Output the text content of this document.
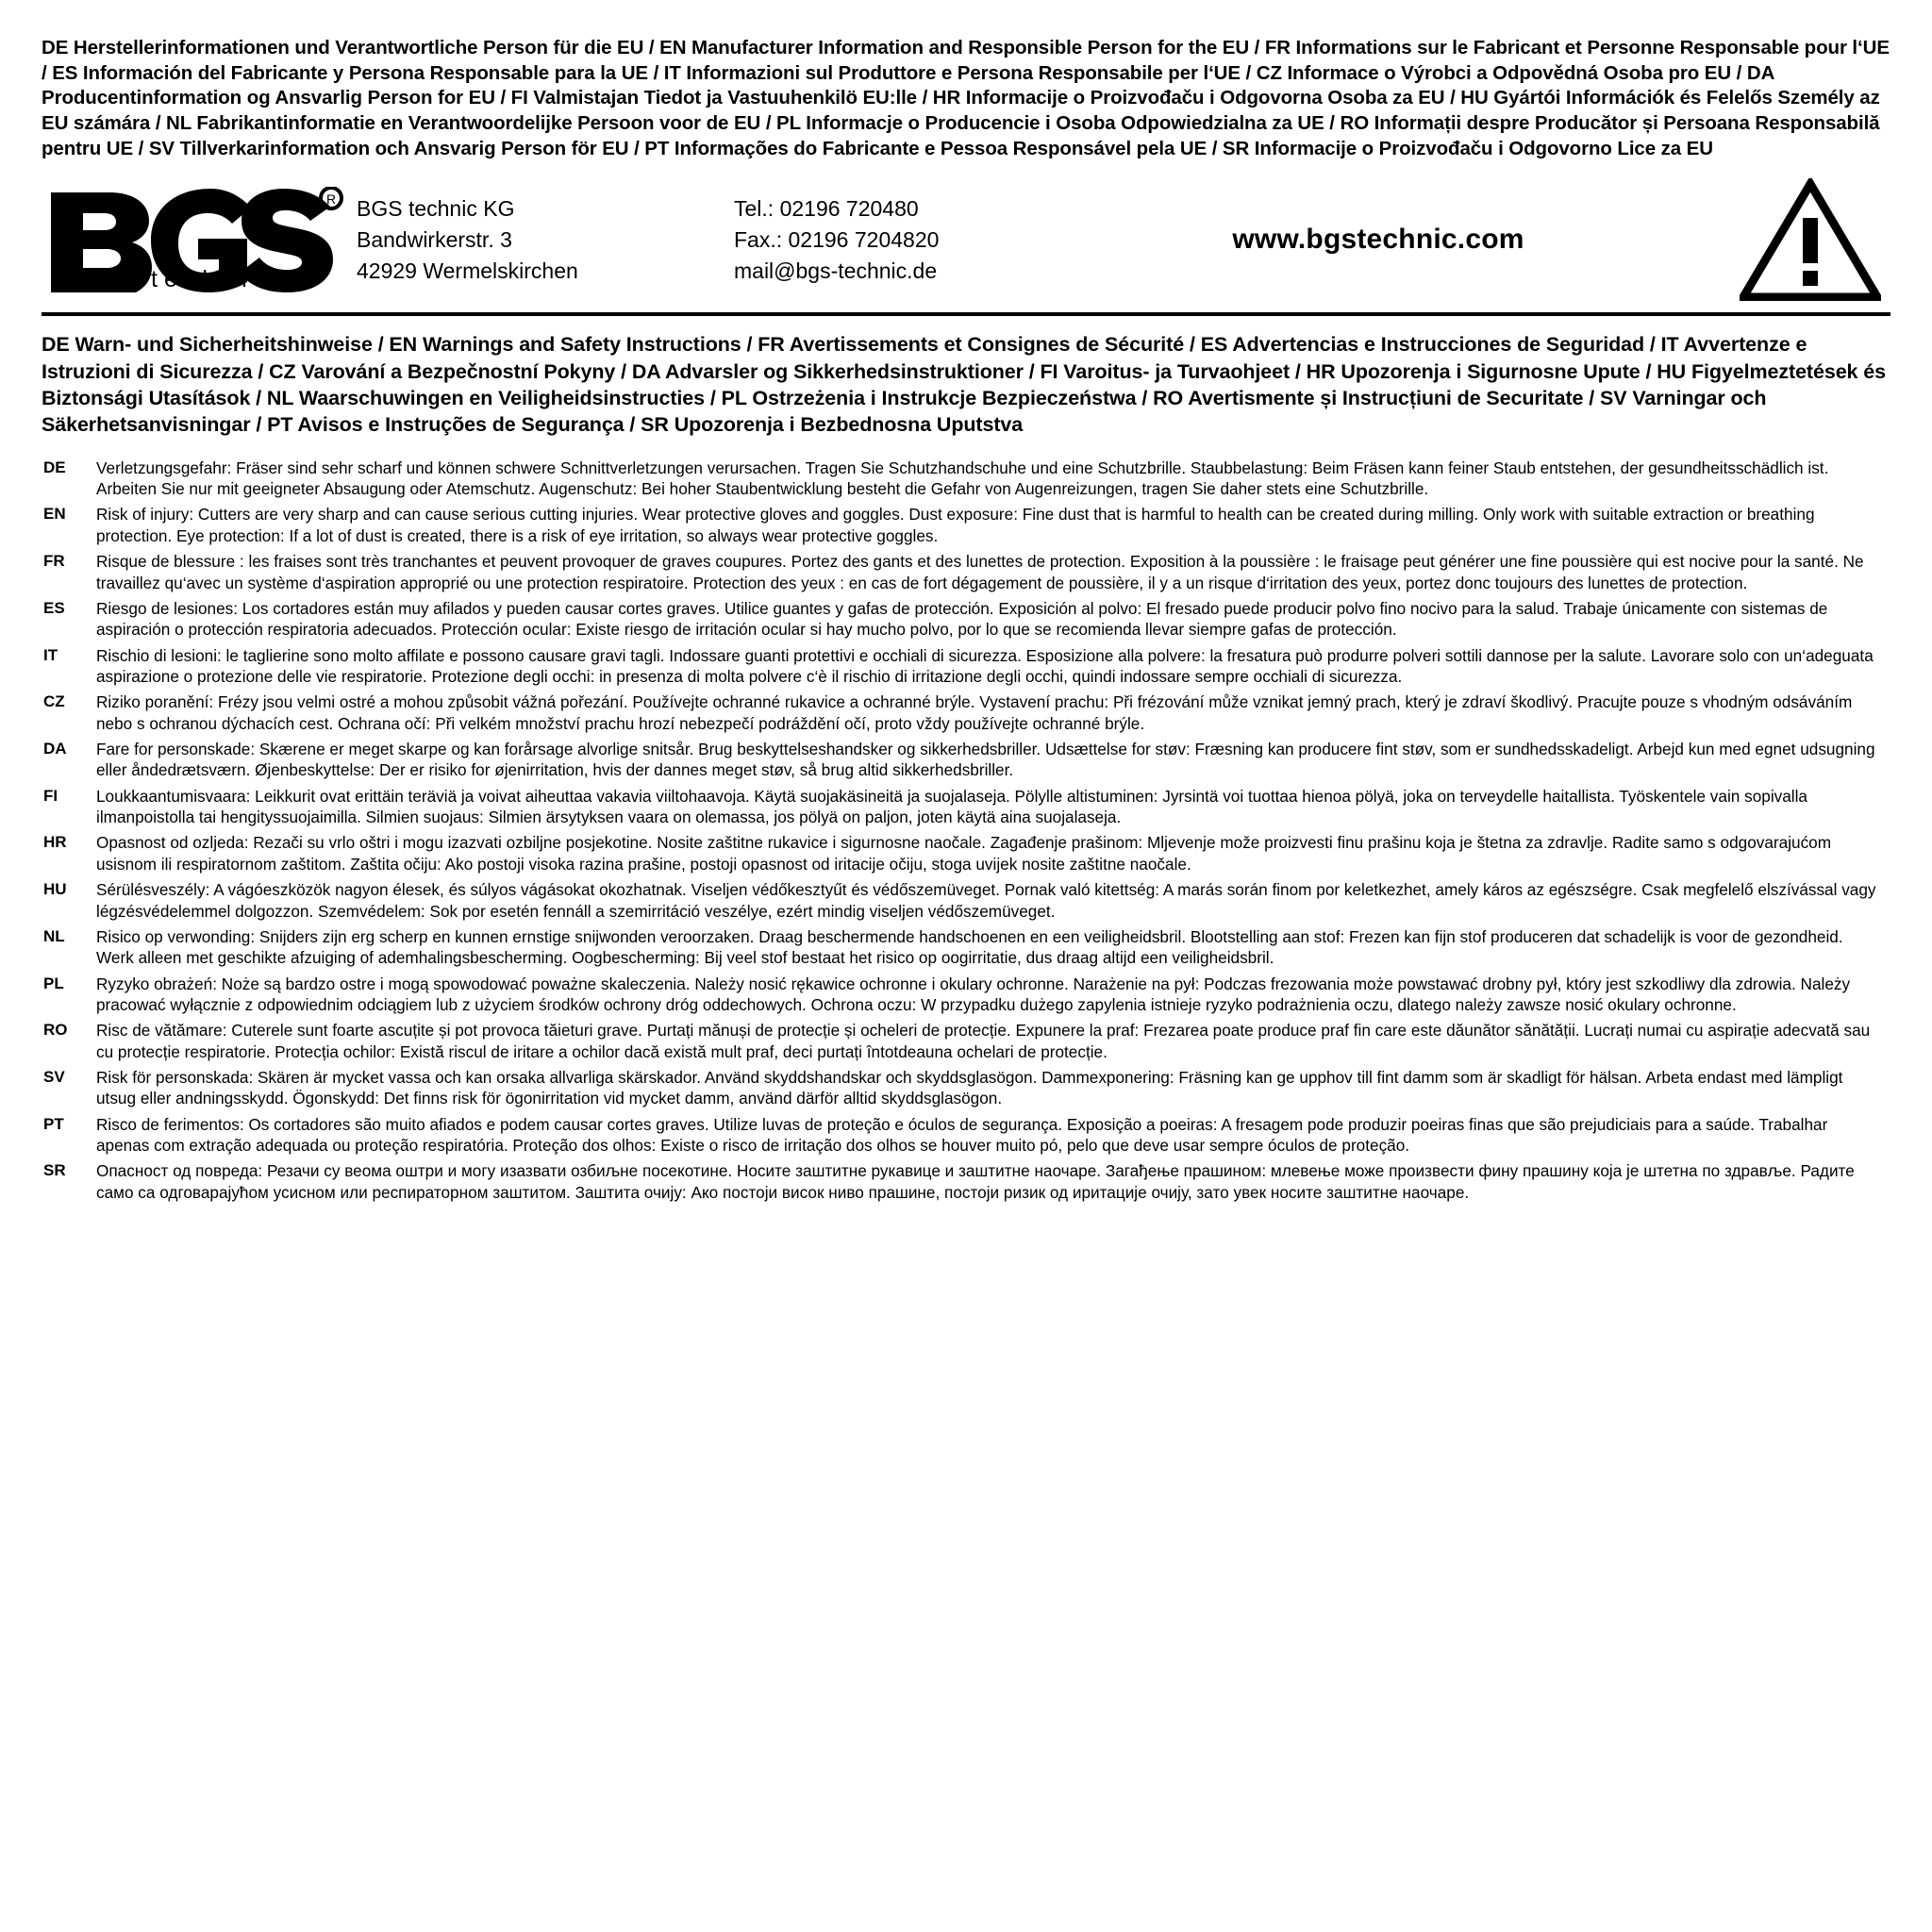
DE Herstellerinformationen und Verantwortliche Person für die EU / EN Manufacturer Information and Responsible Person for the EU / FR Informations sur le Fabricant et Personne Responsable pour l‘UE / ES Información del Fabricante y Persona Responsable para la UE / IT Informazioni sul Produttore e Persona Responsabile per l‘UE / CZ Informace o Výrobci a Odpovědná Osoba pro EU / DA Producentinformation og Ansvarlig Person for EU / FI Valmistajan Tiedot ja Vastuuhenkilö EU:lle / HR Informacije o Proizvođaču i Odgovorna Osoba za EU / HU Gyártói Információk és Felelős Személy az EU számára / NL Fabrikantinformatie en Verantwoordelijke Persoon voor de EU / PL Informacje o Producencie i Osoba Odpowiedzialna za UE / RO Informații despre Producător și Persoana Responsabilă pentru UE / SV Tillverkarinformation och Ansvarig Person för EU / PT Informações do Fabricante e Pessoa Responsável pela UE / SR Informacije o Proizvođaču i Odgovorno Lice za EU
R
technic
BGS technic KG
Bandwirkerstr. 3
42929 Wermelskirchen
Tel.: 02196 720480
Fax.: 02196 7204820
mail@bgs-technic.de
www.bgstechnic.com
DE Warn- und Sicherheitshinweise / EN Warnings and Safety Instructions / FR Avertissements et Consignes de Sécurité / ES Advertencias e Instrucciones de Seguridad / IT Avvertenze e Istruzioni di Sicurezza / CZ Varování a Bezpečnostní Pokyny / DA Advarsler og Sikkerhedsinstruktioner / FI Varoitus- ja Turvaohjeet / HR Upozorenja i Sigurnosne Upute / HU Figyelmeztetések és Biztonsági Utasítások / NL Waarschuwingen en Veiligheidsinstructies / PL Ostrzeżenia i Instrukcje Bezpieczeństwa / RO Avertismente și Instrucțiuni de Securitate / SV Varningar och Säkerhetsanvisningar / PT Avisos e Instruções de Segurança / SR Upozorenja i Bezbednosna Uputstva
DE	Verletzungsgefahr: Fräser sind sehr scharf und können schwere Schnittverletzungen verursachen. Tragen Sie Schutzhandschuhe und eine Schutzbrille. Staubbelastung: Beim Fräsen kann feiner Staub entstehen, der gesundheitsschädlich ist. Arbeiten Sie nur mit geeigneter Absaugung oder Atemschutz. Augenschutz: Bei hoher Staubentwicklung besteht die Gefahr von Augenreizungen, tragen Sie daher stets eine Schutzbrille.
EN	Risk of injury: Cutters are very sharp and can cause serious cutting injuries. Wear protective gloves and goggles. Dust exposure: Fine dust that is harmful to health can be created during milling. Only work with suitable extraction or breathing protection. Eye protection: If a lot of dust is created, there is a risk of eye irritation, so always wear protective goggles.
FR	Risque de blessure : les fraises sont très tranchantes et peuvent provoquer de graves coupures. Portez des gants et des lunettes de protection. Exposition à la poussière : le fraisage peut générer une fine poussière qui est nocive pour la santé. Ne travaillez qu‘avec un système d‘aspiration approprié ou une protection respiratoire. Protection des yeux : en cas de fort dégagement de poussière, il y a un risque d‘irritation des yeux, portez donc toujours des lunettes de protection.
ES	Riesgo de lesiones: Los cortadores están muy afilados y pueden causar cortes graves. Utilice guantes y gafas de protección. Exposición al polvo: El fresado puede producir polvo fino nocivo para la salud. Trabaje únicamente con sistemas de aspiración o protección respiratoria adecuados. Protección ocular: Existe riesgo de irritación ocular si hay mucho polvo, por lo que se recomienda llevar siempre gafas de protección.
IT	Rischio di lesioni: le taglierine sono molto affilate e possono causare gravi tagli. Indossare guanti protettivi e occhiali di sicurezza. Esposizione alla polvere: la fresatura può produrre polveri sottili dannose per la salute. Lavorare solo con un‘adeguata aspirazione o protezione delle vie respiratorie. Protezione degli occhi: in presenza di molta polvere c‘è il rischio di irritazione degli occhi, quindi indossare sempre occhiali di sicurezza.
CZ	Riziko poranění: Frézy jsou velmi ostré a mohou způsobit vážná pořezání. Používejte ochranné rukavice a ochranné brýle. Vystavení prachu: Při frézování může vznikat jemný prach, který je zdraví škodlivý. Pracujte pouze s vhodným odsáváním nebo s ochranou dýchacích cest. Ochrana očí: Při velkém množství prachu hrozí nebezpečí podráždění očí, proto vždy používejte ochranné brýle.
DA	Fare for personskade: Skærene er meget skarpe og kan forårsage alvorlige snitsår. Brug beskyttelseshandsker og sikkerhedsbriller. Udsættelse for støv: Fræsning kan producere fint støv, som er sundhedsskadeligt. Arbejd kun med egnet udsugning eller åndedrætsværn. Øjenbeskyttelse: Der er risiko for øjenirritation, hvis der dannes meget støv, så brug altid sikkerhedsbriller.
FI	Loukkaantumisvaara: Leikkurit ovat erittäin teräviä ja voivat aiheuttaa vakavia viiltohaavoja. Käytä suojakäsineitä ja suojalaseja. Pölylle altistuminen: Jyrsintä voi tuottaa hienoa pölyä, joka on terveydelle haitallista. Työskentele vain sopivalla ilmanpoistolla tai hengityssuojaimilla. Silmien suojaus: Silmien ärsytyksen vaara on olemassa, jos pölyä on paljon, joten käytä aina suojalaseja.
HR	Opasnost od ozljeda: Rezači su vrlo oštri i mogu izazvati ozbiljne posjekotine. Nosite zaštitne rukavice i sigurnosne naočale. Zagađenje prašinom: Mljevenje može proizvesti finu prašinu koja je štetna za zdravlje. Radite samo s odgovarajućom usisnom ili respiratornom zaštitom. Zaštita očiju: Ako postoji visoka razina prašine, postoji opasnost od iritacije očiju, stoga uvijek nosite zaštitne naočale.
HU	Sérülésveszély: A vágóeszközök nagyon élesek, és súlyos vágásokat okozhatnak. Viseljen védőkesztyűt és védőszemüveget. Pornak való kitettség: A marás során finom por keletkezhet, amely káros az egészségre. Csak megfelelő elszívással vagy légzésvédelemmel dolgozzon. Szemvédelem: Sok por esetén fennáll a szemirritáció veszélye, ezért mindig viseljen védőszemüveget.
NL	Risico op verwonding: Snijders zijn erg scherp en kunnen ernstige snijwonden veroorzaken. Draag beschermende handschoenen en een veiligheidsbril. Blootstelling aan stof: Frezen kan fijn stof produceren dat schadelijk is voor de gezondheid. Werk alleen met geschikte afzuiging of ademhalingsbescherming. Oogbescherming: Bij veel stof bestaat het risico op oogirritatie, dus draag altijd een veiligheidsbril.
PL	Ryzyko obrażeń: Noże są bardzo ostre i mogą spowodować poważne skaleczenia. Należy nosić rękawice ochronne i okulary ochronne. Narażenie na pył: Podczas frezowania może powstawać drobny pył, który jest szkodliwy dla zdrowia. Należy pracować wyłącznie z odpowiednim odciągiem lub z użyciem środków ochrony dróg oddechowych. Ochrona oczu: W przypadku dużego zapylenia istnieje ryzyko podrażnienia oczu, dlatego należy zawsze nosić okulary ochronne.
RO	Risc de vătămare: Cuterele sunt foarte ascuțite și pot provoca tăieturi grave. Purtați mănuși de protecție și ocheleri de protecție. Expunere la praf: Frezarea poate produce praf fin care este dăunător sănătății. Lucrați numai cu aspirație adecvată sau cu protecție respiratorie. Protecția ochilor: Există riscul de iritare a ochilor dacă există mult praf, deci purtați întotdeauna ochelari de protecție.
SV	Risk för personskada: Skären är mycket vassa och kan orsaka allvarliga skärskador. Använd skyddshandskar och skyddsglasögon. Dammexponering: Fräsning kan ge upphov till fint damm som är skadligt för hälsan. Arbeta endast med lämpligt utsug eller andningsskydd. Ögonskydd: Det finns risk för ögonirritation vid mycket damm, använd därför alltid skyddsglasögon.
PT	Risco de ferimentos: Os cortadores são muito afiados e podem causar cortes graves. Utilize luvas de proteção e óculos de segurança. Exposição a poeiras: A fresagem pode produzir poeiras finas que são prejudiciais para a saúde. Trabalhar apenas com extração adequada ou proteção respiratória. Proteção dos olhos: Existe o risco de irritação dos olhos se houver muito pó, pelo que deve usar sempre óculos de proteção.
SR	Опасност од повреда: Резачи су веома оштри и могу изазвати озбиљне посекотине. Носите заштитне рукавице и заштитне наочаре. Загађење прашином: млевење може произвести фину прашину која је штетна по здравље. Радите само са одговарајућом усисном или респираторном заштитом. Заштита очију: Ако постоји висок ниво прашине, постоји ризик од иритације очију, зато увек носите заштитне наочаре.
